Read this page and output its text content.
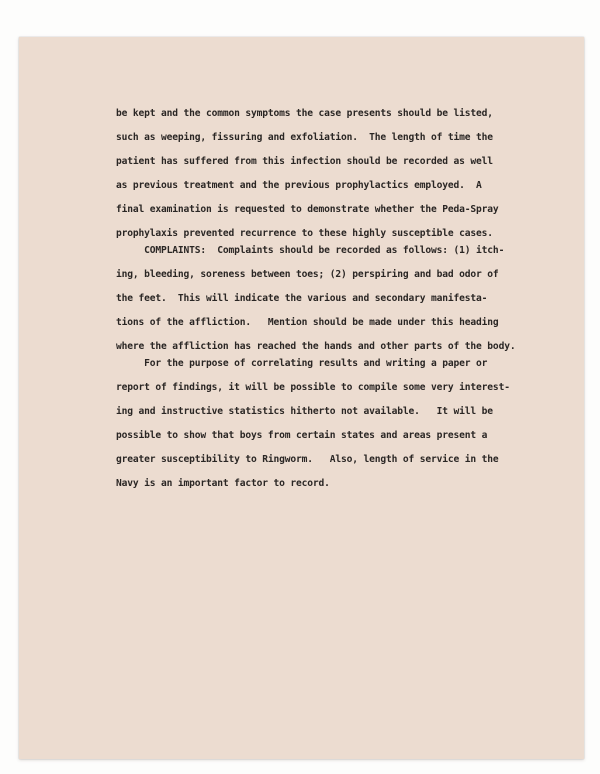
be kept and the common symptoms the case presents should be listed,
such as weeping, fissuring and exfoliation.  The length of time the
patient has suffered from this infection should be recorded as well
as previous treatment and the previous prophylactics employed.  A
final examination is requested to demonstrate whether the Peda-Spray
prophylaxis prevented recurrence to these highly susceptible cases.
COMPLAINTS:  Complaints should be recorded as follows: (1) itch-
ing, bleeding, soreness between toes; (2) perspiring and bad odor of
the feet.  This will indicate the various and secondary manifesta-
tions of the affliction.   Mention should be made under this heading
where the affliction has reached the hands and other parts of the body.
For the purpose of correlating results and writing a paper or
report of findings, it will be possible to compile some very interest-
ing and instructive statistics hitherto not available.   It will be
possible to show that boys from certain states and areas present a
greater susceptibility to Ringworm.   Also, length of service in the
Navy is an important factor to record.
